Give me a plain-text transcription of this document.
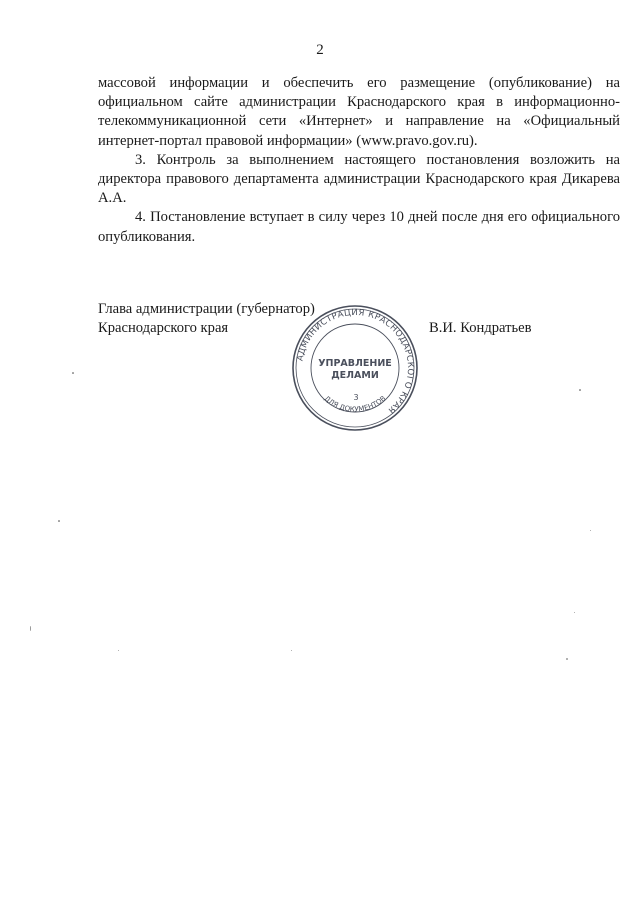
2

массовой информации и обеспечить его размещение (опубликование) на официальном сайте администрации Краснодарского края в информационно-телекоммуникационной сети «Интернет» и направление на «Официальный интернет-портал правовой информации» (www.pravo.gov.ru).

3. Контроль за выполнением настоящего постановления возложить на директора правового департамента администрации Краснодарского края Дикарева А.А.

4. Постановление вступает в силу через 10 дней после дня его официального опубликования.

Глава администрации (губернатор)
Краснодарского края	В.И. Кондратьев
АДМИНИСТРАЦИЯ КРАСНОДАРСКОГО КРАЯ
ДЛЯ ДОКУМЕНТОВ
УПРАВЛЕНИЕ
ДЕЛАМИ
3
